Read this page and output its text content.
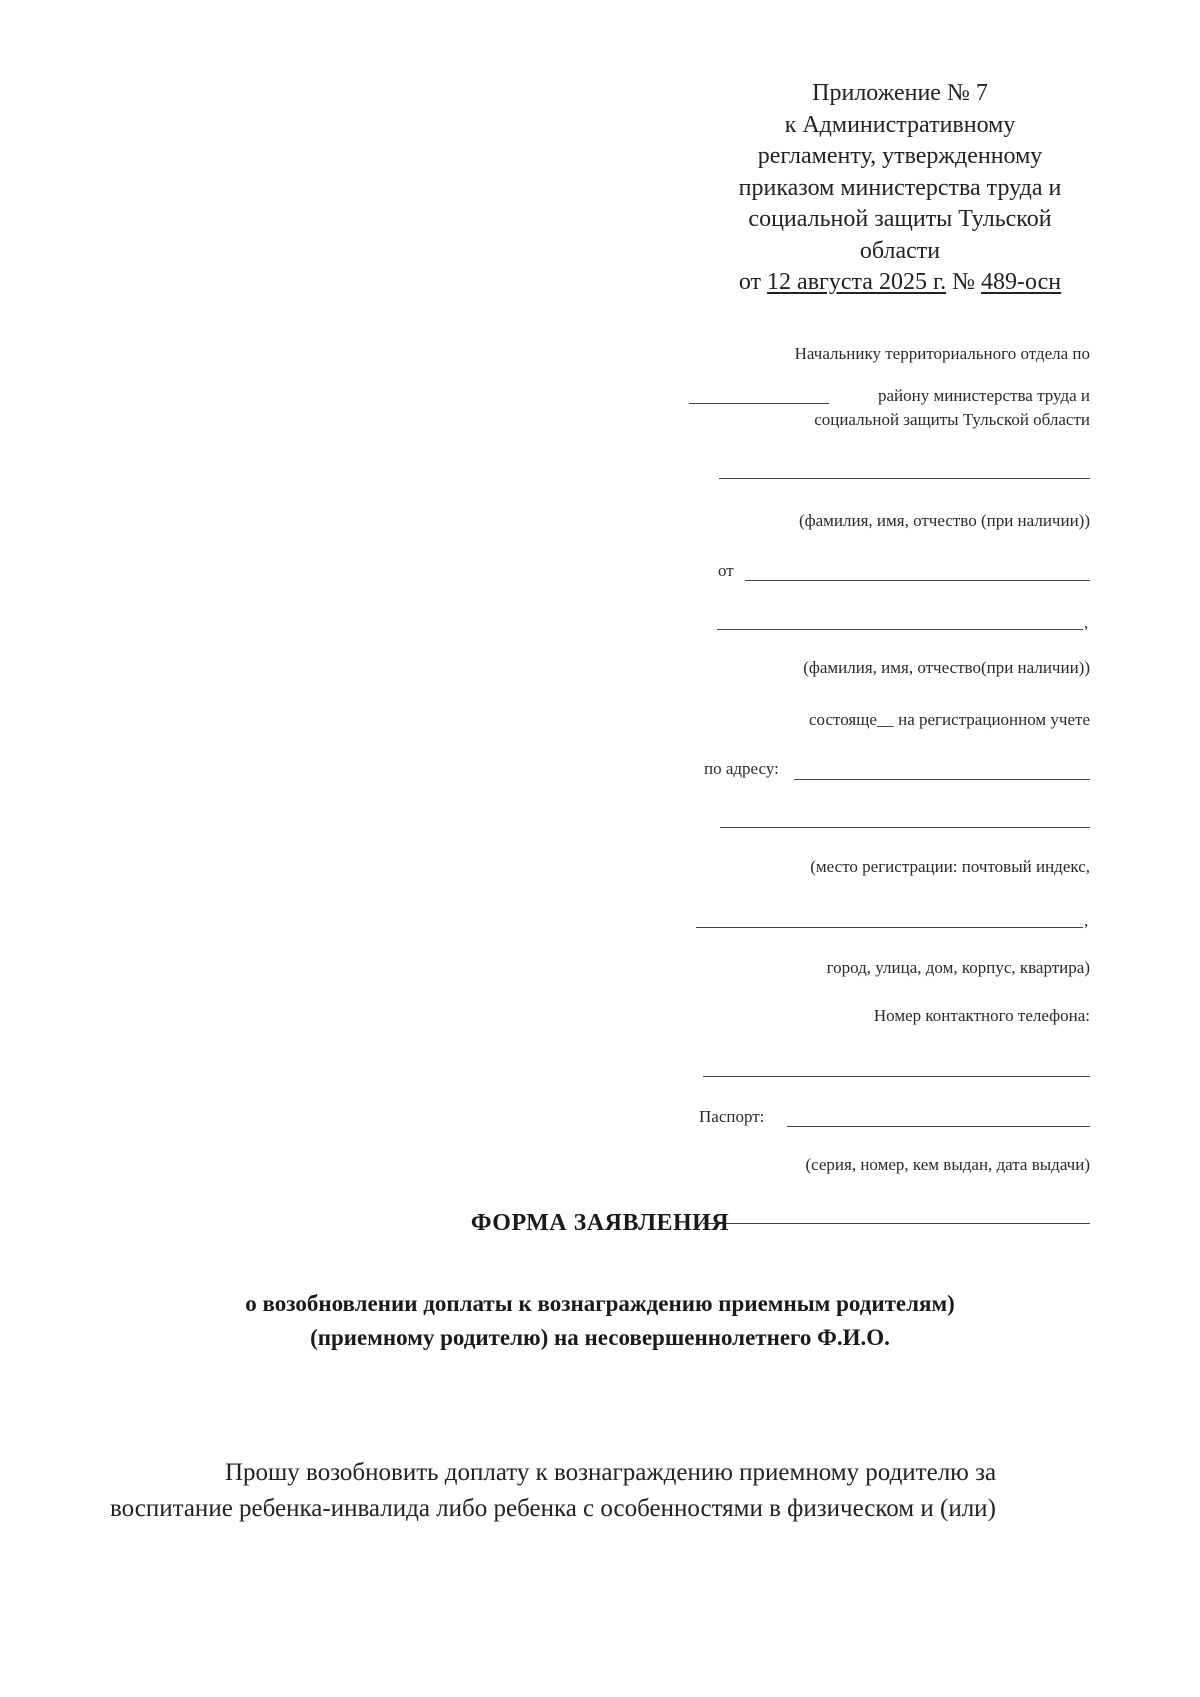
Приложение № 7
к Административному
регламенту, утвержденному
приказом министерства труда и
социальной защиты Тульской
области
от 12 августа 2025 г. № 489-осн
Начальнику территориального отдела по
району министерства труда и
социальной защиты Тульской области
(фамилия, имя, отчество (при наличии))
от
,
(фамилия, имя, отчество(при наличии))
состояще__ на регистрационном учете
по адресу:
(место регистрации: почтовый индекс,
,
город, улица, дом, корпус, квартира)
Номер контактного телефона:
Паспорт:
(серия, номер, кем выдан, дата выдачи)
ФОРМА ЗАЯВЛЕНИЯ
о возобновлении доплаты к вознаграждению приемным родителям)
(приемному родителю) на несовершеннолетнего Ф.И.О.
Прошу возобновить доплату к вознаграждению приемному родителю за
воспитание ребенка-инвалида либо ребенка с особенностями в физическом и (или)
